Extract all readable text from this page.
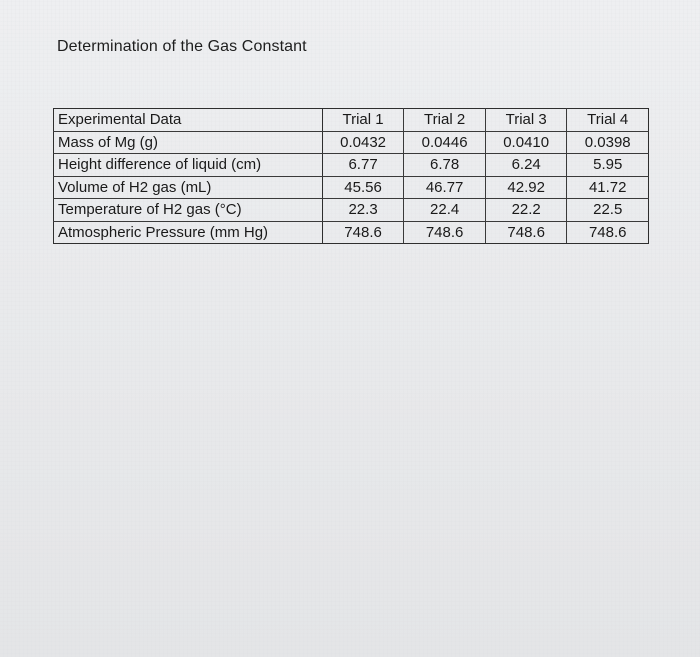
Determination of the Gas Constant
Experimental Data	Trial 1	Trial 2	Trial 3	Trial 4
Mass of Mg (g)	0.0432	0.0446	0.0410	0.0398
Height difference of liquid (cm)	6.77	6.78	6.24	5.95
Volume of H2 gas (mL)	45.56	46.77	42.92	41.72
Temperature of H2 gas (°C)	22.3	22.4	22.2	22.5
Atmospheric Pressure (mm Hg)	748.6	748.6	748.6	748.6
